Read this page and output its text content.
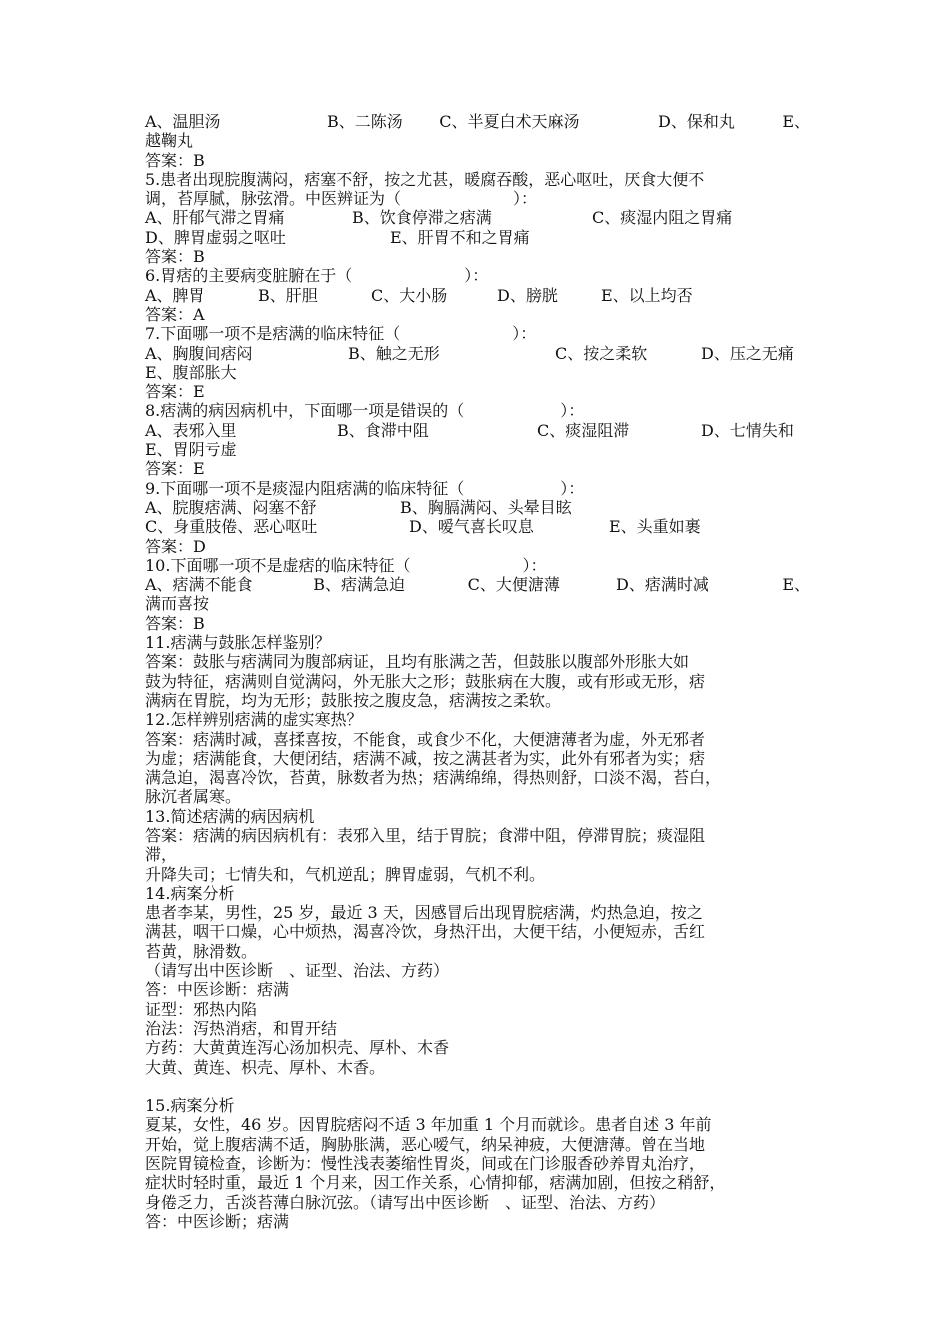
A、温胆汤	B、二陈汤	C、半夏白术天麻汤	D、保和丸	E、
越鞠丸
答案：B
5.患者出现脘腹满闷，痞塞不舒，按之尤甚，暖腐吞酸，恶心呕吐，厌食大便不
调，苔厚腻，脉弦滑。中医辨证为（　　　　　　　）：
A、肝郁气滞之胃痛	B、饮食停滞之痞满	C、痰湿内阻之胃痛
D、脾胃虚弱之呕吐	E、肝胃不和之胃痛
答案：B
6.胃痞的主要病变脏腑在于（　　　　　　　）：
A、脾胃	B、肝胆	C、大小肠	D、膀胱	E、以上均否
答案：A
7.下面哪一项不是痞满的临床特征（　　　　　　　）：
A、胸腹间痞闷	B、触之无形	C、按之柔软	D、压之无痛
E、腹部胀大
答案：E
8.痞满的病因病机中，下面哪一项是错误的（　　　　　　）：
A、表邪入里	B、食滞中阻	C、痰湿阻滞	D、七情失和
E、胃阴亏虚
答案：E
9.下面哪一项不是痰湿内阻痞满的临床特征（　　　　　　）：
A、脘腹痞满、闷塞不舒	B、胸膈满闷、头晕目眩
C、身重肢倦、恶心呕吐	D、嗳气喜长叹息	E、头重如裹
答案：D
10.下面哪一项不是虚痞的临床特征（　　　　　　　）：
A、痞满不能食	B、痞满急迫	C、大便溏薄	D、痞满时减	E、
满而喜按
答案：B
11.痞满与鼓胀怎样鉴别？
答案：鼓胀与痞满同为腹部病证，且均有胀满之苦，但鼓胀以腹部外形胀大如
鼓为特征，痞满则自觉满闷，外无胀大之形；鼓胀病在大腹，或有形或无形，痞
满病在胃脘，均为无形；鼓胀按之腹皮急，痞满按之柔软。
12.怎样辨别痞满的虚实寒热？
答案：痞满时减，喜揉喜按，不能食，或食少不化，大便溏薄者为虚，外无邪者
为虚；痞满能食，大便闭结，痞满不减，按之满甚者为实，此外有邪者为实；痞
满急迫，渴喜冷饮，苔黄，脉数者为热；痞满绵绵，得热则舒，口淡不渴，苔白，
脉沉者属寒。
13.简述痞满的病因病机
答案：痞满的病因病机有：表邪入里，结于胃脘；食滞中阻，停滞胃脘；痰湿阻
滞，
升降失司；七情失和，气机逆乱；脾胃虚弱，气机不利。
14.病案分析
患者李某，男性，25 岁，最近 3 天，因感冒后出现胃脘痞满，灼热急迫，按之
满甚，咽干口燥，心中烦热，渴喜冷饮，身热汗出，大便干结，小便短赤，舌红
苔黄，脉滑数。
（请写出中医诊断　、证型、治法、方药）
答：中医诊断：痞满
证型：邪热内陷
治法：泻热消痞，和胃开结
方药：大黄黄连泻心汤加枳壳、厚朴、木香
大黄、黄连、枳壳、厚朴、木香。
15.病案分析
夏某，女性，46 岁。因胃脘痞闷不适 3 年加重 1 个月而就诊。患者自述 3 年前
开始，觉上腹痞满不适，胸胁胀满，恶心嗳气，纳呆神疲，大便溏薄。曾在当地
医院胃镜检查，诊断为：慢性浅表萎缩性胃炎，间或在门诊服香砂养胃丸治疗，
症状时轻时重，最近 1 个月来，因工作关系，心情抑郁，痞满加剧，但按之稍舒，
身倦乏力，舌淡苔薄白脉沉弦。（请写出中医诊断　、证型、治法、方药）
答：中医诊断；痞满
